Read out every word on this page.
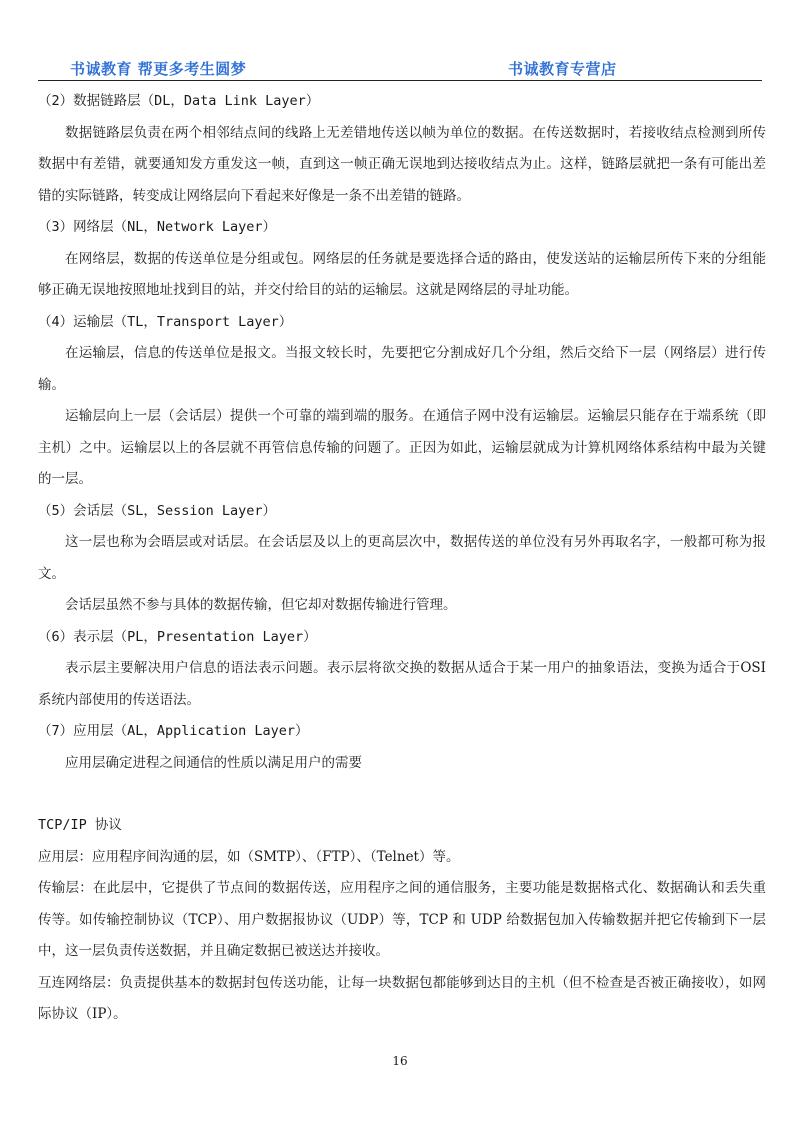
书诚教育 帮更多考生圆梦	书诚教育专营店
（2）数据链路层（DL，Data Link Layer）
数据链路层负责在两个相邻结点间的线路上无差错地传送以帧为单位的数据。在传送数据时，若接收结点检测到所传数据中有差错，就要通知发方重发这一帧，直到这一帧正确无误地到达接收结点为止。这样，链路层就把一条有可能出差错的实际链路，转变成让网络层向下看起来好像是一条不出差错的链路。
（3）网络层（NL，Network Layer）
在网络层，数据的传送单位是分组或包。网络层的任务就是要选择合适的路由，使发送站的运输层所传下来的分组能够正确无误地按照地址找到目的站，并交付给目的站的运输层。这就是网络层的寻址功能。
（4）运输层（TL，Transport Layer）
在运输层，信息的传送单位是报文。当报文较长时，先要把它分割成好几个分组，然后交给下一层（网络层）进行传输。
运输层向上一层（会话层）提供一个可靠的端到端的服务。在通信子网中没有运输层。运输层只能存在于端系统（即主机）之中。运输层以上的各层就不再管信息传输的问题了。正因为如此，运输层就成为计算机网络体系结构中最为关键的一层。
（5）会话层（SL，Session Layer）
这一层也称为会晤层或对话层。在会话层及以上的更高层次中，数据传送的单位没有另外再取名字，一般都可称为报文。
会话层虽然不参与具体的数据传输，但它却对数据传输进行管理。
（6）表示层（PL，Presentation Layer）
表示层主要解决用户信息的语法表示问题。表示层将欲交换的数据从适合于某一用户的抽象语法，变换为适合于OSI 系统内部使用的传送语法。
（7）应用层（AL，Application Layer）
应用层确定进程之间通信的性质以满足用户的需要
TCP/IP 协议
应用层：应用程序间沟通的层，如（SMTP）、（FTP）、（Telnet）等。
传输层：在此层中，它提供了节点间的数据传送，应用程序之间的通信服务，主要功能是数据格式化、数据确认和丢失重传等。如传输控制协议（TCP）、用户数据报协议（UDP）等，TCP 和 UDP 给数据包加入传输数据并把它传输到下一层中，这一层负责传送数据，并且确定数据已被送达并接收。
互连网络层：负责提供基本的数据封包传送功能，让每一块数据包都能够到达目的主机（但不检查是否被正确接收），如网际协议（IP）。
16
